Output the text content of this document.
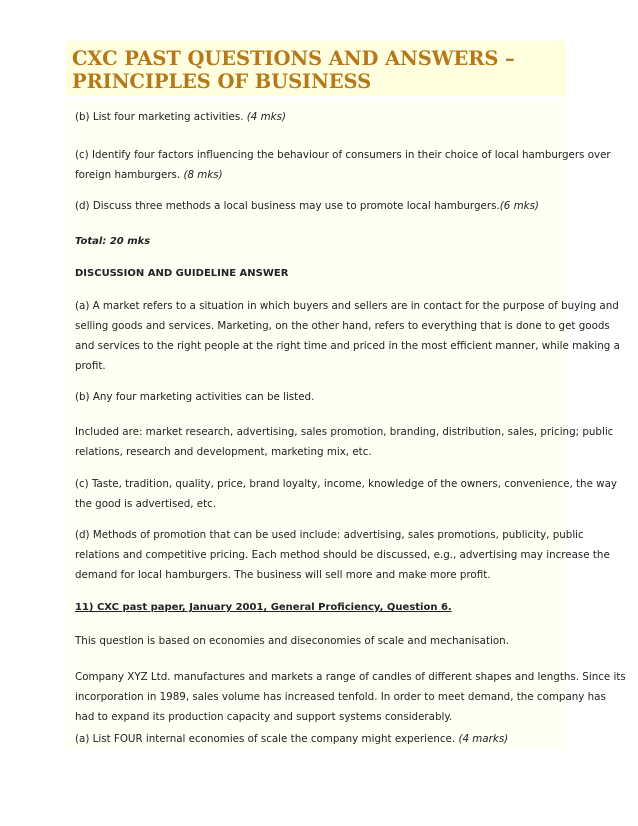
CXC PAST QUESTIONS AND ANSWERS –
PRINCIPLES OF BUSINESS
(b) List four marketing activities. (4 mks)
(c) Identify four factors influencing the behaviour of consumers in their choice of local hamburgers over
foreign hamburgers. (8 mks)
(d) Discuss three methods a local business may use to promote local hamburgers.(6 mks)
Total: 20 mks
DISCUSSION AND GUIDELINE ANSWER
(a) A market refers to a situation in which buyers and sellers are in contact for the purpose of buying and
selling goods and services. Marketing, on the other hand, refers to everything that is done to get goods
and services to the right people at the right time and priced in the most efficient manner, while making a
profit.
(b) Any four marketing activities can be listed.
Included are: market research, advertising, sales promotion, branding, distribution, sales, pricing; public
relations, research and development, marketing mix, etc.
(c) Taste, tradition, quality, price, brand loyalty, income, knowledge of the owners, convenience, the way
the good is advertised, etc.
(d) Methods of promotion that can be used include: advertising, sales promotions, publicity, public
relations and competitive pricing. Each method should be discussed, e.g., advertising may increase the
demand for local hamburgers. The business will sell more and make more profit.
11) CXC past paper, January 2001, General Proficiency, Question 6.
This question is based on economies and diseconomies of scale and mechanisation.
Company XYZ Ltd. manufactures and markets a range of candles of different shapes and lengths. Since its
incorporation in 1989, sales volume has increased tenfold. In order to meet demand, the company has
had to expand its production capacity and support systems considerably.
(a) List FOUR internal economies of scale the company might experience. (4 marks)
